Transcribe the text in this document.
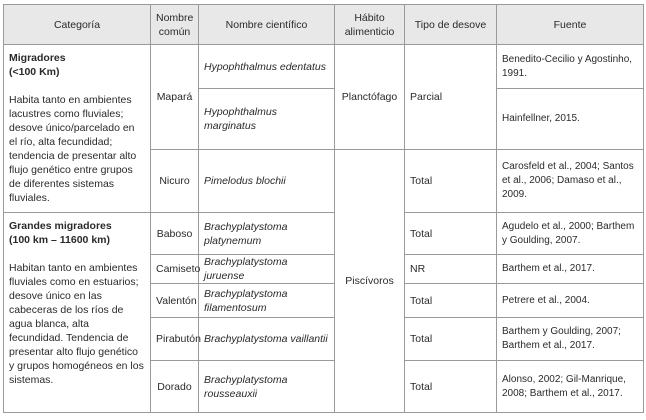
Categoría	Nombre común	Nombre científico	Hábito alimenticio	Tipo de desove	Fuente

Migradores
(<100 Km)
Habita tanto en ambientes lacustres como fluviales; desove único/parcelado en el río, alta fecundidad; tendencia de presentar alto flujo genético entre grupos de diferentes sistemas fluviales.	Mapará	Hypophthalmus edentatus	Planctófago	Parcial	Benedito-Cecilio y Agostinho, 1991.
		Hypophthalmus marginatus			Hainfellner, 2015.
	Nicuro	Pimelodus blochii	Piscívoros	Total	Carosfeld et al., 2004; Santos et al., 2006; Damaso et al., 2009.

Grandes migradores
(100 km – 11600 km)
Habitan tanto en ambientes fluviales como en estuarios; desove único en las cabeceras de los ríos de agua blanca, alta fecundidad. Tendencia de presentar alto flujo genético y grupos homogéneos en los sistemas.	Baboso	Brachyplatystoma platynemum		Total	Agudelo et al., 2000; Barthem y Goulding, 2007.
	Camiseto	Brachyplatystoma juruense		NR	Barthem et al., 2017.
	Valentón	Brachyplatystoma filamentosum		Total	Petrere et al., 2004.
	Pirabutón	Brachyplatystoma vaillantii		Total	Barthem y Goulding, 2007; Barthem et al., 2017.
	Dorado	Brachyplatystoma rousseauxii		Total	Alonso, 2002; Gil-Manrique, 2008; Barthem et al., 2017.
